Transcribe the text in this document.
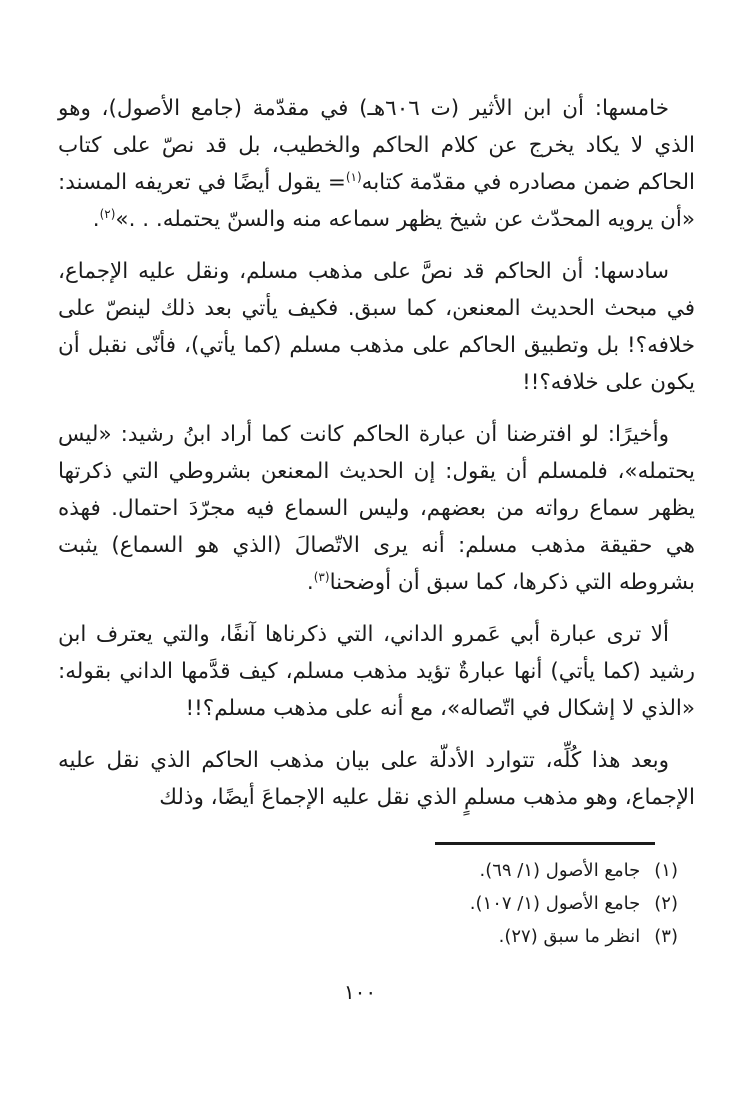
خامسها: أن ابن الأثير (ت ٦٠٦هـ) في مقدّمة (جامع الأصول)، وهو الذي لا يكاد يخرج عن كلام الحاكم والخطيب، بل قد نصّ على كتاب الحاكم ضمن مصادره في مقدّمة كتابه$^{(١)}$= يقول أيضًا في تعريفه المسند: «أن يرويه المحدّث عن شيخ يظهر سماعه منه والسنّ يحتمله. . .»$^{(٢)}$.

سادسها: أن الحاكم قد نصَّ على مذهب مسلم، ونقل عليه الإجماع، في مبحث الحديث المعنعن، كما سبق. فكيف يأتي بعد ذلك لينصّ على خلافه؟! بل وتطبيق الحاكم على مذهب مسلم (كما يأتي)، فأنّى نقبل أن يكون على خلافه؟!!

وأخيرًا: لو افترضنا أن عبارة الحاكم كانت كما أراد ابنُ رشيد: «ليس يحتمله»، فلمسلم أن يقول: إن الحديث المعنعن بشروطي التي ذكرتها يظهر سماع رواته من بعضهم، وليس السماع فيه مجرّدَ احتمال. فهذه هي حقيقة مذهب مسلم: أنه يرى الاتّصالَ (الذي هو السماع) يثبت بشروطه التي ذكرها، كما سبق أن أوضحنا$^{(٣)}$.

ألا ترى عبارة أبي عَمرو الداني، التي ذكرناها آنفًا، والتي يعترف ابن رشيد (كما يأتي) أنها عبارةٌ تؤيد مذهب مسلم، كيف قدَّمها الداني بقوله: «الذي لا إشكال في اتّصاله»، مع أنه على مذهب مسلم؟!!

وبعد هذا كُلِّه، تتوارد الأدلّة على بيان مذهب الحاكم الذي نقل عليه الإجماع، وهو مذهب مسلمٍ الذي نقل عليه الإجماعَ أيضًا، وذلك

(١)
جامع الأصول (١/ ٦٩).
(٢)
جامع الأصول (١/ ١٠٧).
(٣)
انظر ما سبق (٢٧).
١٠٠
